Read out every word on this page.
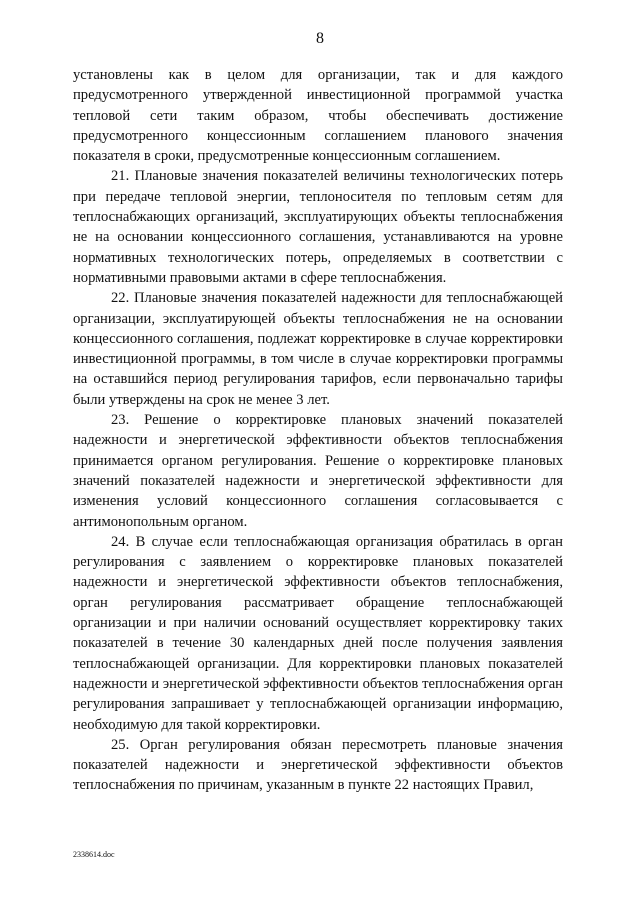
8

установлены как в целом для организации, так и для каждого предусмотренного утвержденной инвестиционной программой участка тепловой сети таким образом, чтобы обеспечивать достижение предусмотренного концессионным соглашением планового значения показателя в сроки, предусмотренные концессионным соглашением.

21. Плановые значения показателей величины технологических потерь при передаче тепловой энергии, теплоносителя по тепловым сетям для теплоснабжающих организаций, эксплуатирующих объекты теплоснабжения не на основании концессионного соглашения, устанавливаются на уровне нормативных технологических потерь, определяемых в соответствии с нормативными правовыми актами в сфере теплоснабжения.

22. Плановые значения показателей надежности для теплоснабжающей организации, эксплуатирующей объекты теплоснабжения не на основании концессионного соглашения, подлежат корректировке в случае корректировки инвестиционной программы, в том числе в случае корректировки программы на оставшийся период регулирования тарифов, если первоначально тарифы были утверждены на срок не менее 3 лет.

23. Решение о корректировке плановых значений показателей надежности и энергетической эффективности объектов теплоснабжения принимается органом регулирования. Решение о корректировке плановых значений показателей надежности и энергетической эффективности для изменения условий концессионного соглашения согласовывается с антимонопольным органом.

24. В случае если теплоснабжающая организация обратилась в орган регулирования с заявлением о корректировке плановых показателей надежности и энергетической эффективности объектов теплоснабжения, орган регулирования рассматривает обращение теплоснабжающей организации и при наличии оснований осуществляет корректировку таких показателей в течение 30 календарных дней после получения заявления теплоснабжающей организации. Для корректировки плановых показателей надежности и энергетической эффективности объектов теплоснабжения орган регулирования запрашивает у теплоснабжающей организации информацию, необходимую для такой корректировки.

25. Орган регулирования обязан пересмотреть плановые значения показателей надежности и энергетической эффективности объектов теплоснабжения по причинам, указанным в пункте 22 настоящих Правил,

2338614.doc
